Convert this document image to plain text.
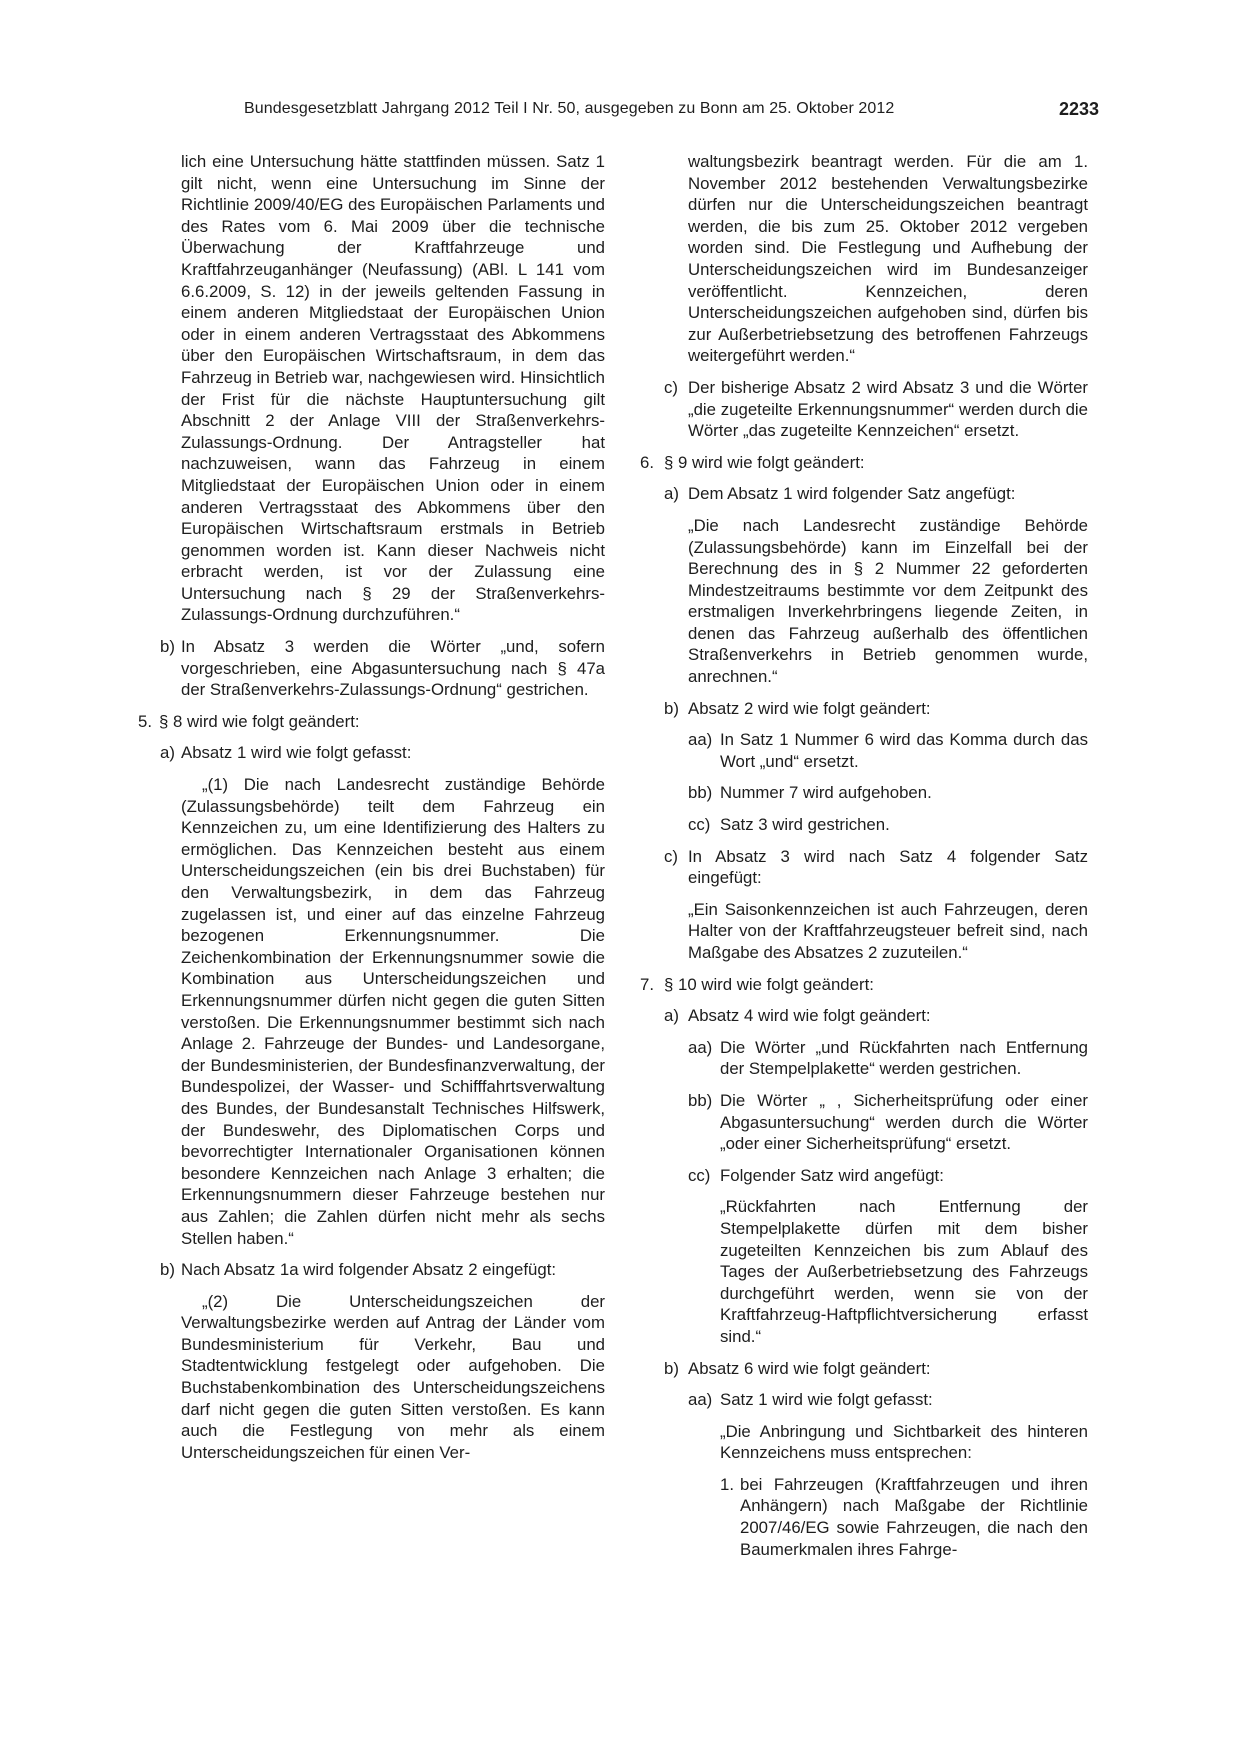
Bundesgesetzblatt Jahrgang 2012 Teil I Nr. 50, ausgegeben zu Bonn am 25. Oktober 2012	2233

lich eine Untersuchung hätte stattfinden müssen. Satz 1 gilt nicht, wenn eine Untersuchung im Sinne der Richtlinie 2009/40/EG des Europäischen Parlaments und des Rates vom 6. Mai 2009 über die technische Überwachung der Kraftfahrzeuge und Kraftfahrzeuganhänger (Neufassung) (ABl. L 141 vom 6.6.2009, S. 12) in der jeweils geltenden Fassung in einem anderen Mitgliedstaat der Europäischen Union oder in einem anderen Vertragsstaat des Abkommens über den Europäischen Wirtschaftsraum, in dem das Fahrzeug in Betrieb war, nachgewiesen wird. Hinsichtlich der Frist für die nächste Hauptuntersuchung gilt Abschnitt 2 der Anlage VIII der Straßenverkehrs-Zulassungs-Ordnung. Der Antragsteller hat nachzuweisen, wann das Fahrzeug in einem Mitgliedstaat der Europäischen Union oder in einem anderen Vertragsstaat des Abkommens über den Europäischen Wirtschaftsraum erstmals in Betrieb genommen worden ist. Kann dieser Nachweis nicht erbracht werden, ist vor der Zulassung eine Untersuchung nach § 29 der Straßenverkehrs-Zulassungs-Ordnung durchzuführen.“

b) In Absatz 3 werden die Wörter „und, sofern vorgeschrieben, eine Abgasuntersuchung nach § 47a der Straßenverkehrs-Zulassungs-Ordnung“ gestrichen.
5. § 8 wird wie folgt geändert:
a) Absatz 1 wird wie folgt gefasst:

„(1) Die nach Landesrecht zuständige Behörde (Zulassungsbehörde) teilt dem Fahrzeug ein Kennzeichen zu, um eine Identifizierung des Halters zu ermöglichen. Das Kennzeichen besteht aus einem Unterscheidungszeichen (ein bis drei Buchstaben) für den Verwaltungsbezirk, in dem das Fahrzeug zugelassen ist, und einer auf das einzelne Fahrzeug bezogenen Erkennungsnummer. Die Zeichenkombination der Erkennungsnummer sowie die Kombination aus Unterscheidungszeichen und Erkennungsnummer dürfen nicht gegen die guten Sitten verstoßen. Die Erkennungsnummer bestimmt sich nach Anlage 2. Fahrzeuge der Bundes- und Landesorgane, der Bundesministerien, der Bundesfinanzverwaltung, der Bundespolizei, der Wasser- und Schifffahrtsverwaltung des Bundes, der Bundesanstalt Technisches Hilfswerk, der Bundeswehr, des Diplomatischen Corps und bevorrechtigter Internationaler Organisationen können besondere Kennzeichen nach Anlage 3 erhalten; die Erkennungsnummern dieser Fahrzeuge bestehen nur aus Zahlen; die Zahlen dürfen nicht mehr als sechs Stellen haben.“

b) Nach Absatz 1a wird folgender Absatz 2 eingefügt:

„(2) Die Unterscheidungszeichen der Verwaltungsbezirke werden auf Antrag der Länder vom Bundesministerium für Verkehr, Bau und Stadtentwicklung festgelegt oder aufgehoben. Die Buchstabenkombination des Unterscheidungszeichens darf nicht gegen die guten Sitten verstoßen. Es kann auch die Festlegung von mehr als einem Unterscheidungszeichen für einen Ver-

waltungsbezirk beantragt werden. Für die am 1. November 2012 bestehenden Verwaltungsbezirke dürfen nur die Unterscheidungszeichen beantragt werden, die bis zum 25. Oktober 2012 vergeben worden sind. Die Festlegung und Aufhebung der Unterscheidungszeichen wird im Bundesanzeiger veröffentlicht. Kennzeichen, deren Unterscheidungszeichen aufgehoben sind, dürfen bis zur Außerbetriebsetzung des betroffenen Fahrzeugs weitergeführt werden.“

c) Der bisherige Absatz 2 wird Absatz 3 und die Wörter „die zugeteilte Erkennungsnummer“ werden durch die Wörter „das zugeteilte Kennzeichen“ ersetzt.
6. § 9 wird wie folgt geändert:
a) Dem Absatz 1 wird folgender Satz angefügt:

„Die nach Landesrecht zuständige Behörde (Zulassungsbehörde) kann im Einzelfall bei der Berechnung des in § 2 Nummer 22 geforderten Mindestzeitraums bestimmte vor dem Zeitpunkt des erstmaligen Inverkehrbringens liegende Zeiten, in denen das Fahrzeug außerhalb des öffentlichen Straßenverkehrs in Betrieb genommen wurde, anrechnen.“

b) Absatz 2 wird wie folgt geändert:
aa) In Satz 1 Nummer 6 wird das Komma durch das Wort „und“ ersetzt.
bb) Nummer 7 wird aufgehoben.
cc) Satz 3 wird gestrichen.
c) In Absatz 3 wird nach Satz 4 folgender Satz eingefügt:

„Ein Saisonkennzeichen ist auch Fahrzeugen, deren Halter von der Kraftfahrzeugsteuer befreit sind, nach Maßgabe des Absatzes 2 zuzuteilen.“

7. § 10 wird wie folgt geändert:
a) Absatz 4 wird wie folgt geändert:
aa) Die Wörter „und Rückfahrten nach Entfernung der Stempelplakette“ werden gestrichen.
bb) Die Wörter „ , Sicherheitsprüfung oder einer Abgasuntersuchung“ werden durch die Wörter „oder einer Sicherheitsprüfung“ ersetzt.
cc) Folgender Satz wird angefügt:

„Rückfahrten nach Entfernung der Stempelplakette dürfen mit dem bisher zugeteilten Kennzeichen bis zum Ablauf des Tages der Außerbetriebsetzung des Fahrzeugs durchgeführt werden, wenn sie von der Kraftfahrzeug-Haftpflichtversicherung erfasst sind.“

b) Absatz 6 wird wie folgt geändert:
aa) Satz 1 wird wie folgt gefasst:

„Die Anbringung und Sichtbarkeit des hinteren Kennzeichens muss entsprechen:

1. bei Fahrzeugen (Kraftfahrzeugen und ihren Anhängern) nach Maßgabe der Richtlinie 2007/46/EG sowie Fahrzeugen, die nach den Baumerkmalen ihres Fahrge-
